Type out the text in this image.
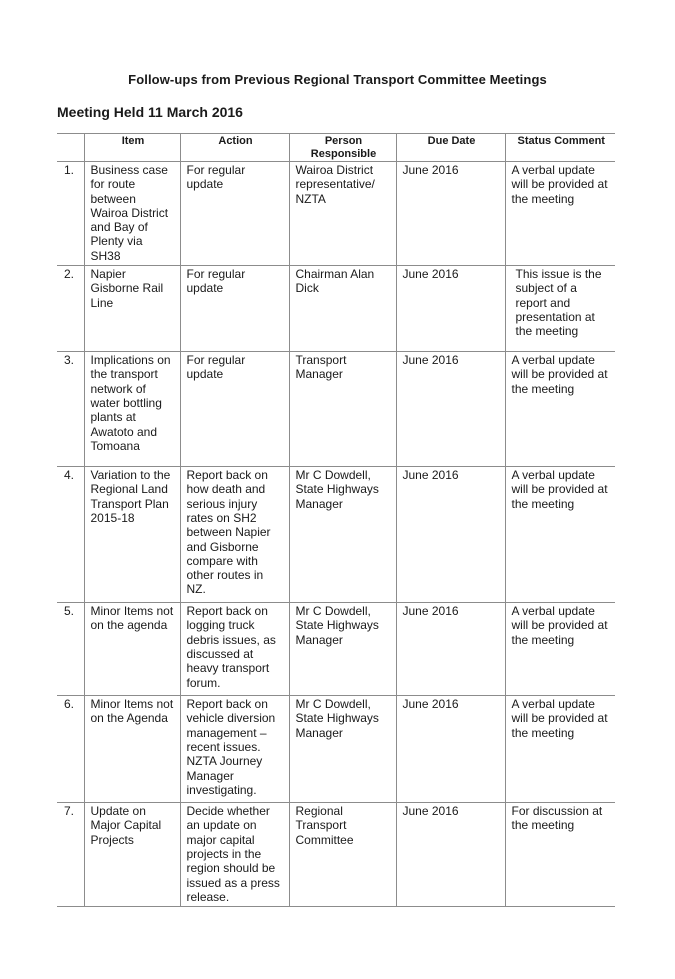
Follow-ups from Previous Regional Transport Committee Meetings
Meeting Held 11 March 2016
	Item	Action	Person Responsible	Due Date	Status Comment
1.	Business case for route between Wairoa District and Bay of Plenty via SH38	For regular update	Wairoa District representative/ NZTA	June 2016	A verbal update will be provided at the meeting
2.	Napier Gisborne Rail Line	For regular update	Chairman Alan Dick	June 2016	This issue is the subject of a report and presentation at the meeting

3.	Implications on the transport network of water bottling plants at Awatoto and Tomoana	For regular update	Transport Manager	June 2016	A verbal update will be provided at the meeting
4.	Variation to the Regional Land Transport Plan 2015-18	Report back on how death and serious injury rates on SH2 between Napier and Gisborne compare with other routes in NZ.	Mr C Dowdell, State Highways Manager	June 2016	A verbal update will be provided at the meeting
5.	Minor Items not on the agenda	Report back on logging truck debris issues, as discussed at heavy transport forum.	Mr C Dowdell, State Highways Manager	June 2016	A verbal update will be provided at the meeting
6.	Minor Items not on the Agenda	Report back on vehicle diversion management – recent issues. NZTA Journey Manager investigating.	Mr C Dowdell, State Highways Manager	June 2016	A verbal update will be provided at the meeting
7.	Update on Major Capital Projects	Decide whether an update on major capital projects in the region should be issued as a press release.	Regional Transport Committee	June 2016	For discussion at the meeting
